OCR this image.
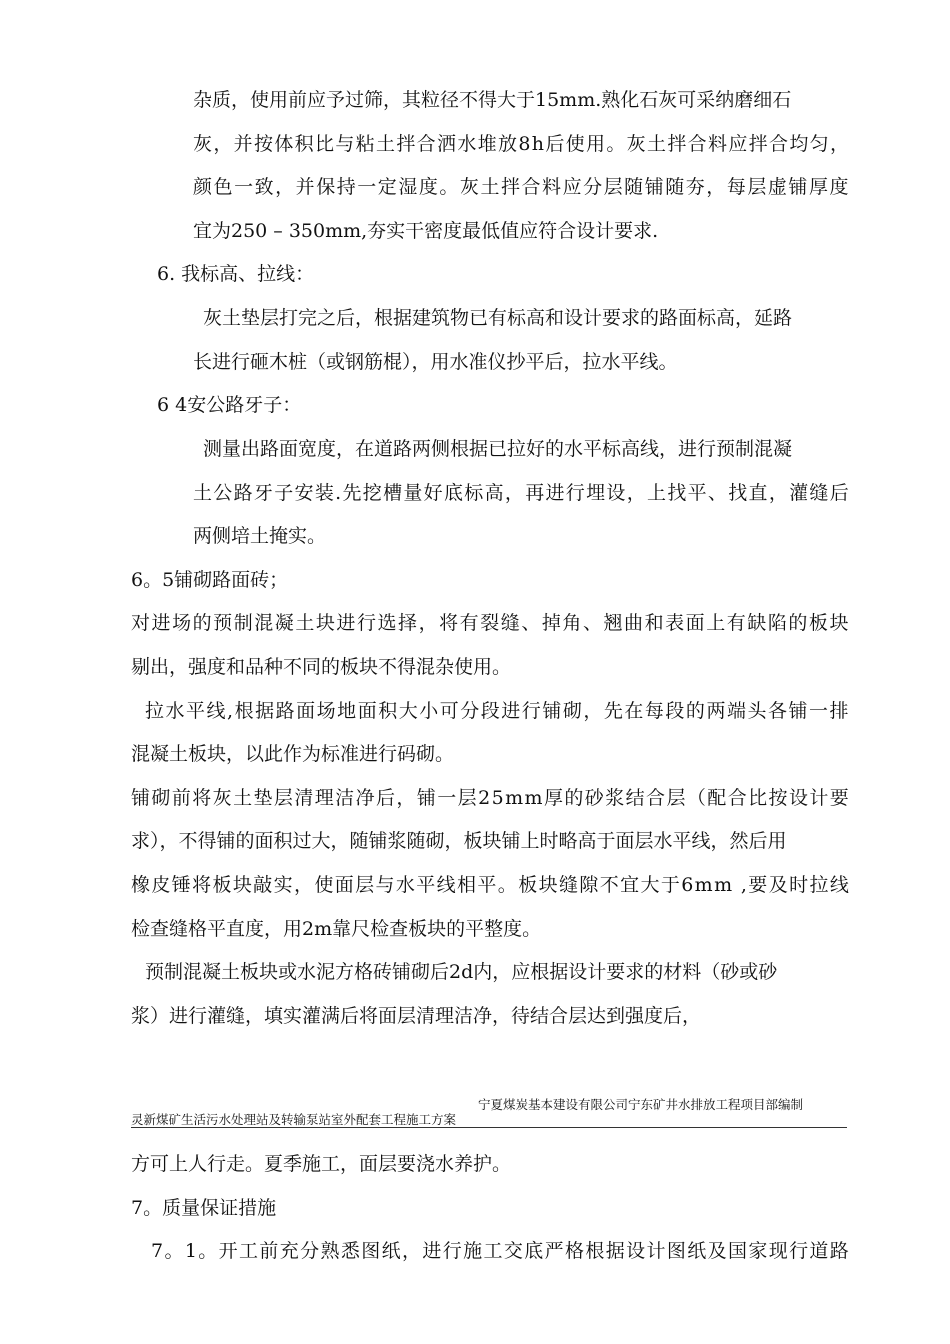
杂质，使用前应予过筛，其粒径不得大于15mm.熟化石灰可采纳磨细石
灰，并按体积比与粘土拌合洒水堆放8h后使用。灰土拌合料应拌合均匀，
颜色一致，并保持一定湿度。灰土拌合料应分层随铺随夯，每层虚铺厚度
宜为250 – 350mm,夯实干密度最低值应符合设计要求.
6. 我标高、拉线：
灰土垫层打完之后，根据建筑物已有标高和设计要求的路面标高，延路
长进行砸木桩（或钢筋棍），用水准仪抄平后，拉水平线。
6 4安公路牙子：
测量出路面宽度，在道路两侧根据已拉好的水平标高线，进行预制混凝
土公路牙子安装.先挖槽量好底标高，再进行埋设，上找平、找直，灌缝后
两侧培土掩实。
6。5铺砌路面砖；
对进场的预制混凝土块进行选择，将有裂缝、掉角、翘曲和表面上有缺陷的板块
剔出，强度和品种不同的板块不得混杂使用。
拉水平线,根据路面场地面积大小可分段进行铺砌，先在每段的两端头各铺一排
混凝土板块，以此作为标准进行码砌。
铺砌前将灰土垫层清理洁净后，铺一层25mm厚的砂浆结合层（配合比按设计要
求），不得铺的面积过大，随铺浆随砌，板块铺上时略高于面层水平线，然后用
橡皮锤将板块敲实，使面层与水平线相平。板块缝隙不宜大于6mm ,要及时拉线
检查缝格平直度，用2m靠尺检查板块的平整度。
预制混凝土板块或水泥方格砖铺砌后2d内，应根据设计要求的材料（砂或砂
浆）进行灌缝，填实灌满后将面层清理洁净，待结合层达到强度后，
宁夏煤炭基本建设有限公司宁东矿井水排放工程项目部编制
灵新煤矿生活污水处理站及转输泵站室外配套工程施工方案
方可上人行走。夏季施工，面层要浇水养护。
7。质量保证措施
7。1。开工前充分熟悉图纸，进行施工交底严格根据设计图纸及国家现行道路
